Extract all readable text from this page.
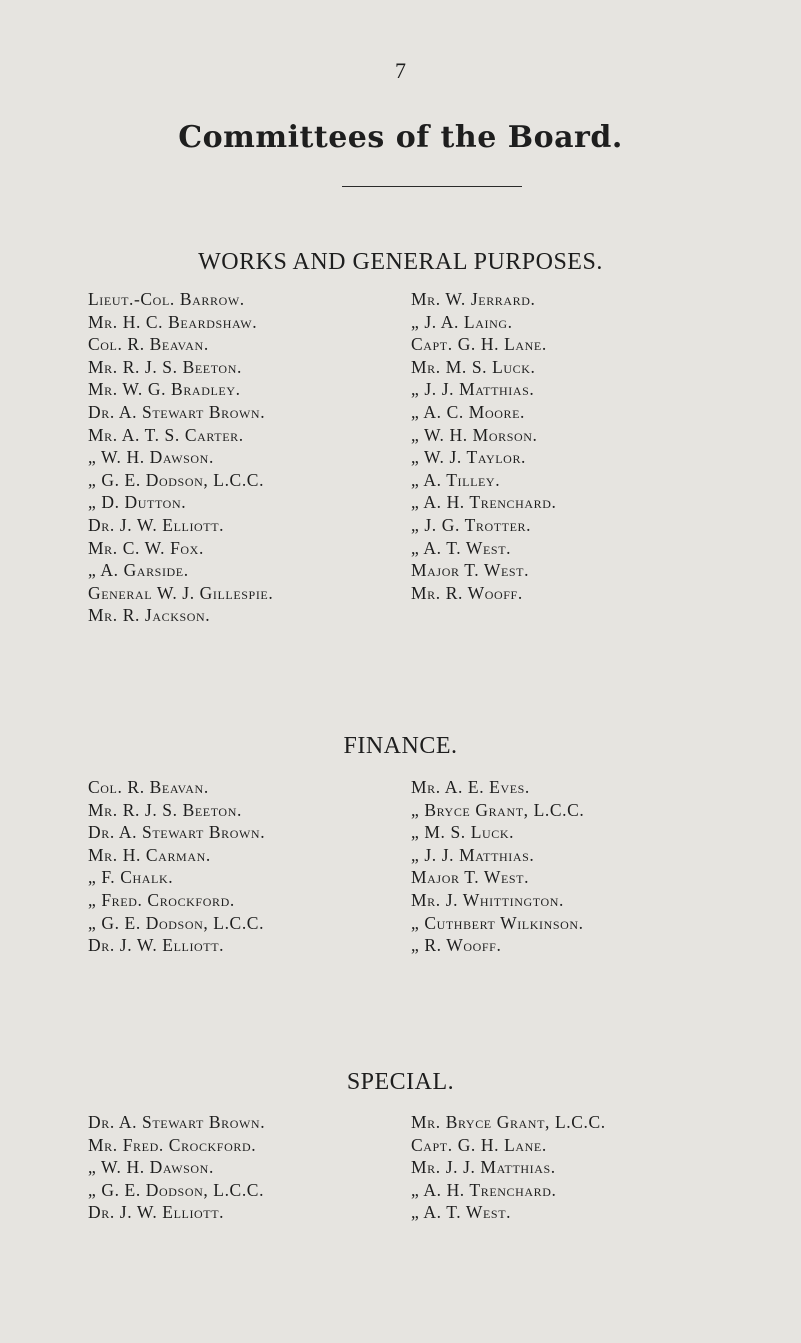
7
Committees of the Board.
WORKS AND GENERAL PURPOSES.
Lieut.-Col. Barrow.
Mr. H. C. Beardshaw.
Col. R. Beavan.
Mr. R. J. S. Beeton.
Mr. W. G. Bradley.
Dr. A. Stewart Brown.
Mr. A. T. S. Carter.
„ W. H. Dawson.
„ G. E. Dodson, L.C.C.
„ D. Dutton.
Dr. J. W. Elliott.
Mr. C. W. Fox.
„ A. Garside.
General W. J. Gillespie.
Mr. R. Jackson.
Mr. W. Jerrard.
„ J. A. Laing.
Capt. G. H. Lane.
Mr. M. S. Luck.
„ J. J. Matthias.
„ A. C. Moore.
„ W. H. Morson.
„ W. J. Taylor.
„ A. Tilley.
„ A. H. Trenchard.
„ J. G. Trotter.
„ A. T. West.
Major T. West.
Mr. R. Wooff.
FINANCE.
Col. R. Beavan.
Mr. R. J. S. Beeton.
Dr. A. Stewart Brown.
Mr. H. Carman.
„ F. Chalk.
„ Fred. Crockford.
„ G. E. Dodson, L.C.C.
Dr. J. W. Elliott.
Mr. A. E. Eves.
„ Bryce Grant, L.C.C.
„ M. S. Luck.
„ J. J. Matthias.
Major T. West.
Mr. J. Whittington.
„ Cuthbert Wilkinson.
„ R. Wooff.
SPECIAL.
Dr. A. Stewart Brown.
Mr. Fred. Crockford.
„ W. H. Dawson.
„ G. E. Dodson, L.C.C.
Dr. J. W. Elliott.
Mr. Bryce Grant, L.C.C.
Capt. G. H. Lane.
Mr. J. J. Matthias.
„ A. H. Trenchard.
„ A. T. West.
